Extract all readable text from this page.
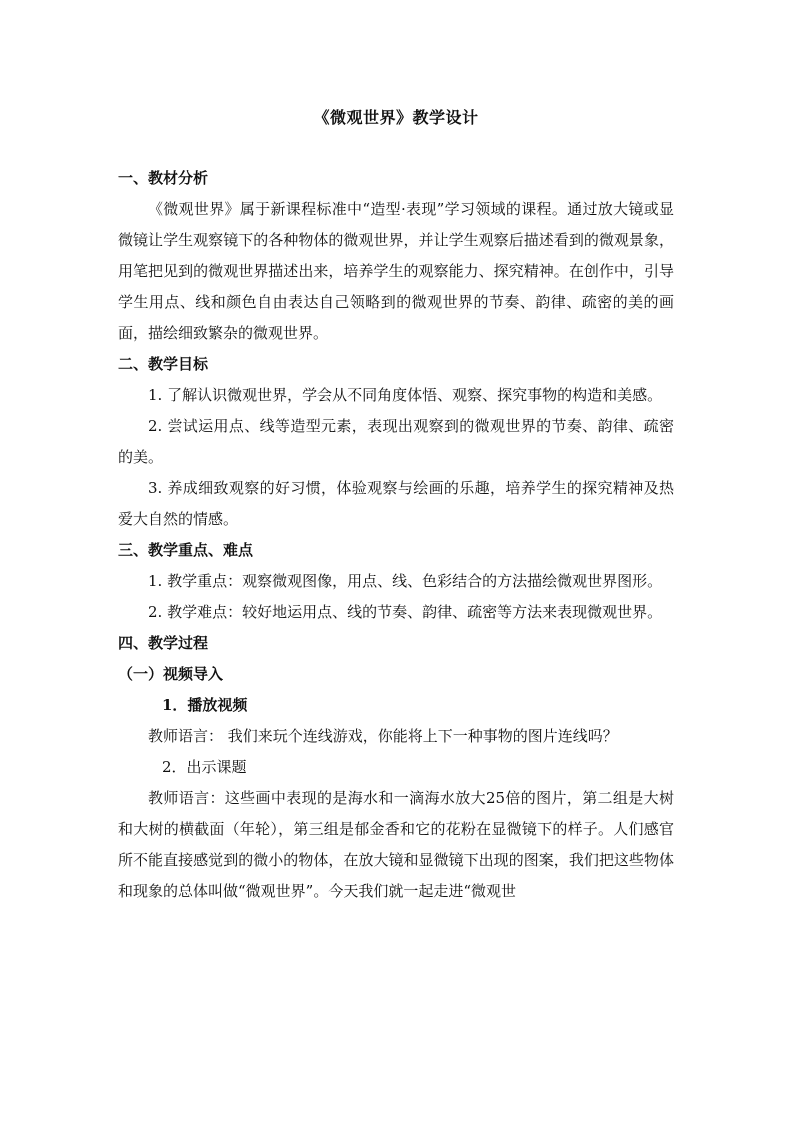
《微观世界》教学设计
一、教材分析

《微观世界》属于新课程标准中“造型·表现”学习领域的课程。通过放大镜或显微镜让学生观察镜下的各种物体的微观世界，并让学生观察后描述看到的微观景象，用笔把见到的微观世界描述出来，培养学生的观察能力、探究精神。在创作中，引导学生用点、线和颜色自由表达自己领略到的微观世界的节奏、韵律、疏密的美的画面，描绘细致繁杂的微观世界。

二、教学目标

1. 了解认识微观世界，学会从不同角度体悟、观察、探究事物的构造和美感。

2. 尝试运用点、线等造型元素，表现出观察到的微观世界的节奏、韵律、疏密的美。

3. 养成细致观察的好习惯，体验观察与绘画的乐趣，培养学生的探究精神及热爱大自然的情感。

三、教学重点、难点

1. 教学重点：观察微观图像，用点、线、色彩结合的方法描绘微观世界图形。

2. 教学难点：较好地运用点、线的节奏、韵律、疏密等方法来表现微观世界。

四、教学过程
（一）视频导入
1．播放视频

教师语言： 我们来玩个连线游戏，你能将上下一种事物的图片连线吗？

2．出示课题

教师语言：这些画中表现的是海水和一滴海水放大25倍的图片，第二组是大树和大树的横截面（年轮），第三组是郁金香和它的花粉在显微镜下的样子。人们感官所不能直接感觉到的微小的物体，在放大镜和显微镜下出现的图案，我们把这些物体和现象的总体叫做“微观世界”。今天我们就一起走进“微观世
